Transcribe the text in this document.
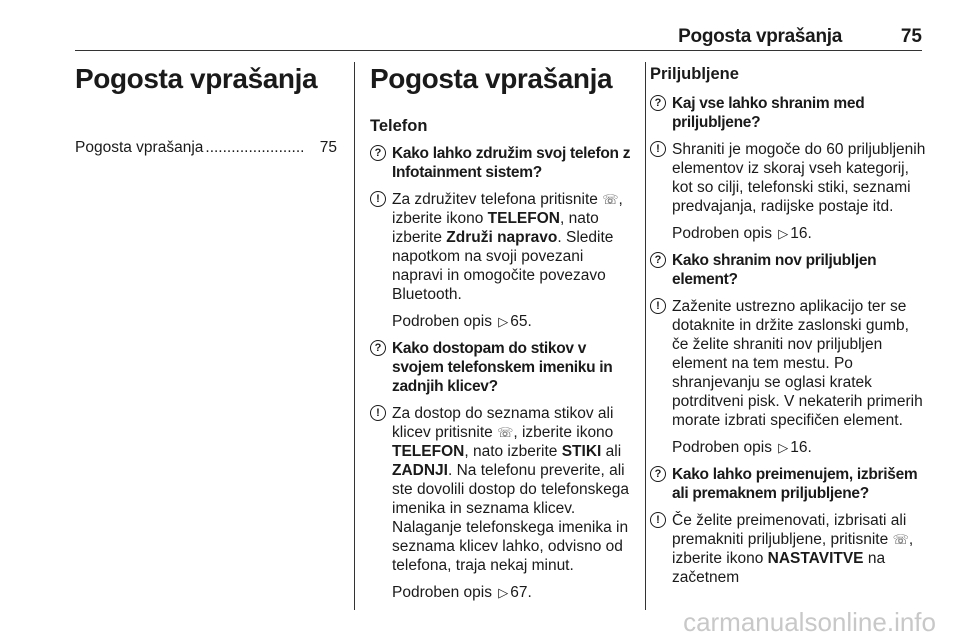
Pogosta vprašanja	75
Pogosta vprašanja
Pogosta vprašanja ....................... 75
Pogosta vprašanja
Telefon
? Kako lahko združim svoj telefon z Infotainment sistem?
! Za združitev telefona pritisnite ☏, izberite ikono TELEFON, nato izberite Združi napravo. Sledite napotkom na svoji povezani napravi in omogočite povezavo Bluetooth.
Podroben opis ▷ 65.
? Kako dostopam do stikov v svojem telefonskem imeniku in zadnjih klicev?
! Za dostop do seznama stikov ali klicev pritisnite ☏, izberite ikono TELEFON, nato izberite STIKI ali ZADNJI. Na telefonu preverite, ali ste dovolili dostop do telefonskega imenika in seznama klicev. Nalaganje telefonskega imenika in seznama klicev lahko, odvisno od telefona, traja nekaj minut.
Podroben opis ▷ 67.
Priljubljene
? Kaj vse lahko shranim med priljubljene?
! Shraniti je mogoče do 60 priljubljenih elementov iz skoraj vseh kategorij, kot so cilji, telefonski stiki, seznami predvajanja, radijske postaje itd.
Podroben opis ▷ 16.
? Kako shranim nov priljubljen element?
! Zaženite ustrezno aplikacijo ter se dotaknite in držite zaslonski gumb, če želite shraniti nov priljubljen element na tem mestu. Po shranjevanju se oglasi kratek potrditveni pisk. V nekaterih primerih morate izbrati specifičen element.
Podroben opis ▷ 16.
? Kako lahko preimenujem, izbrišem ali premaknem priljubljene?
! Če želite preimenovati, izbrisati ali premakniti priljubljene, pritisnite ☏, izberite ikono NASTAVITVE na začetnem
carmanualsonline.info
